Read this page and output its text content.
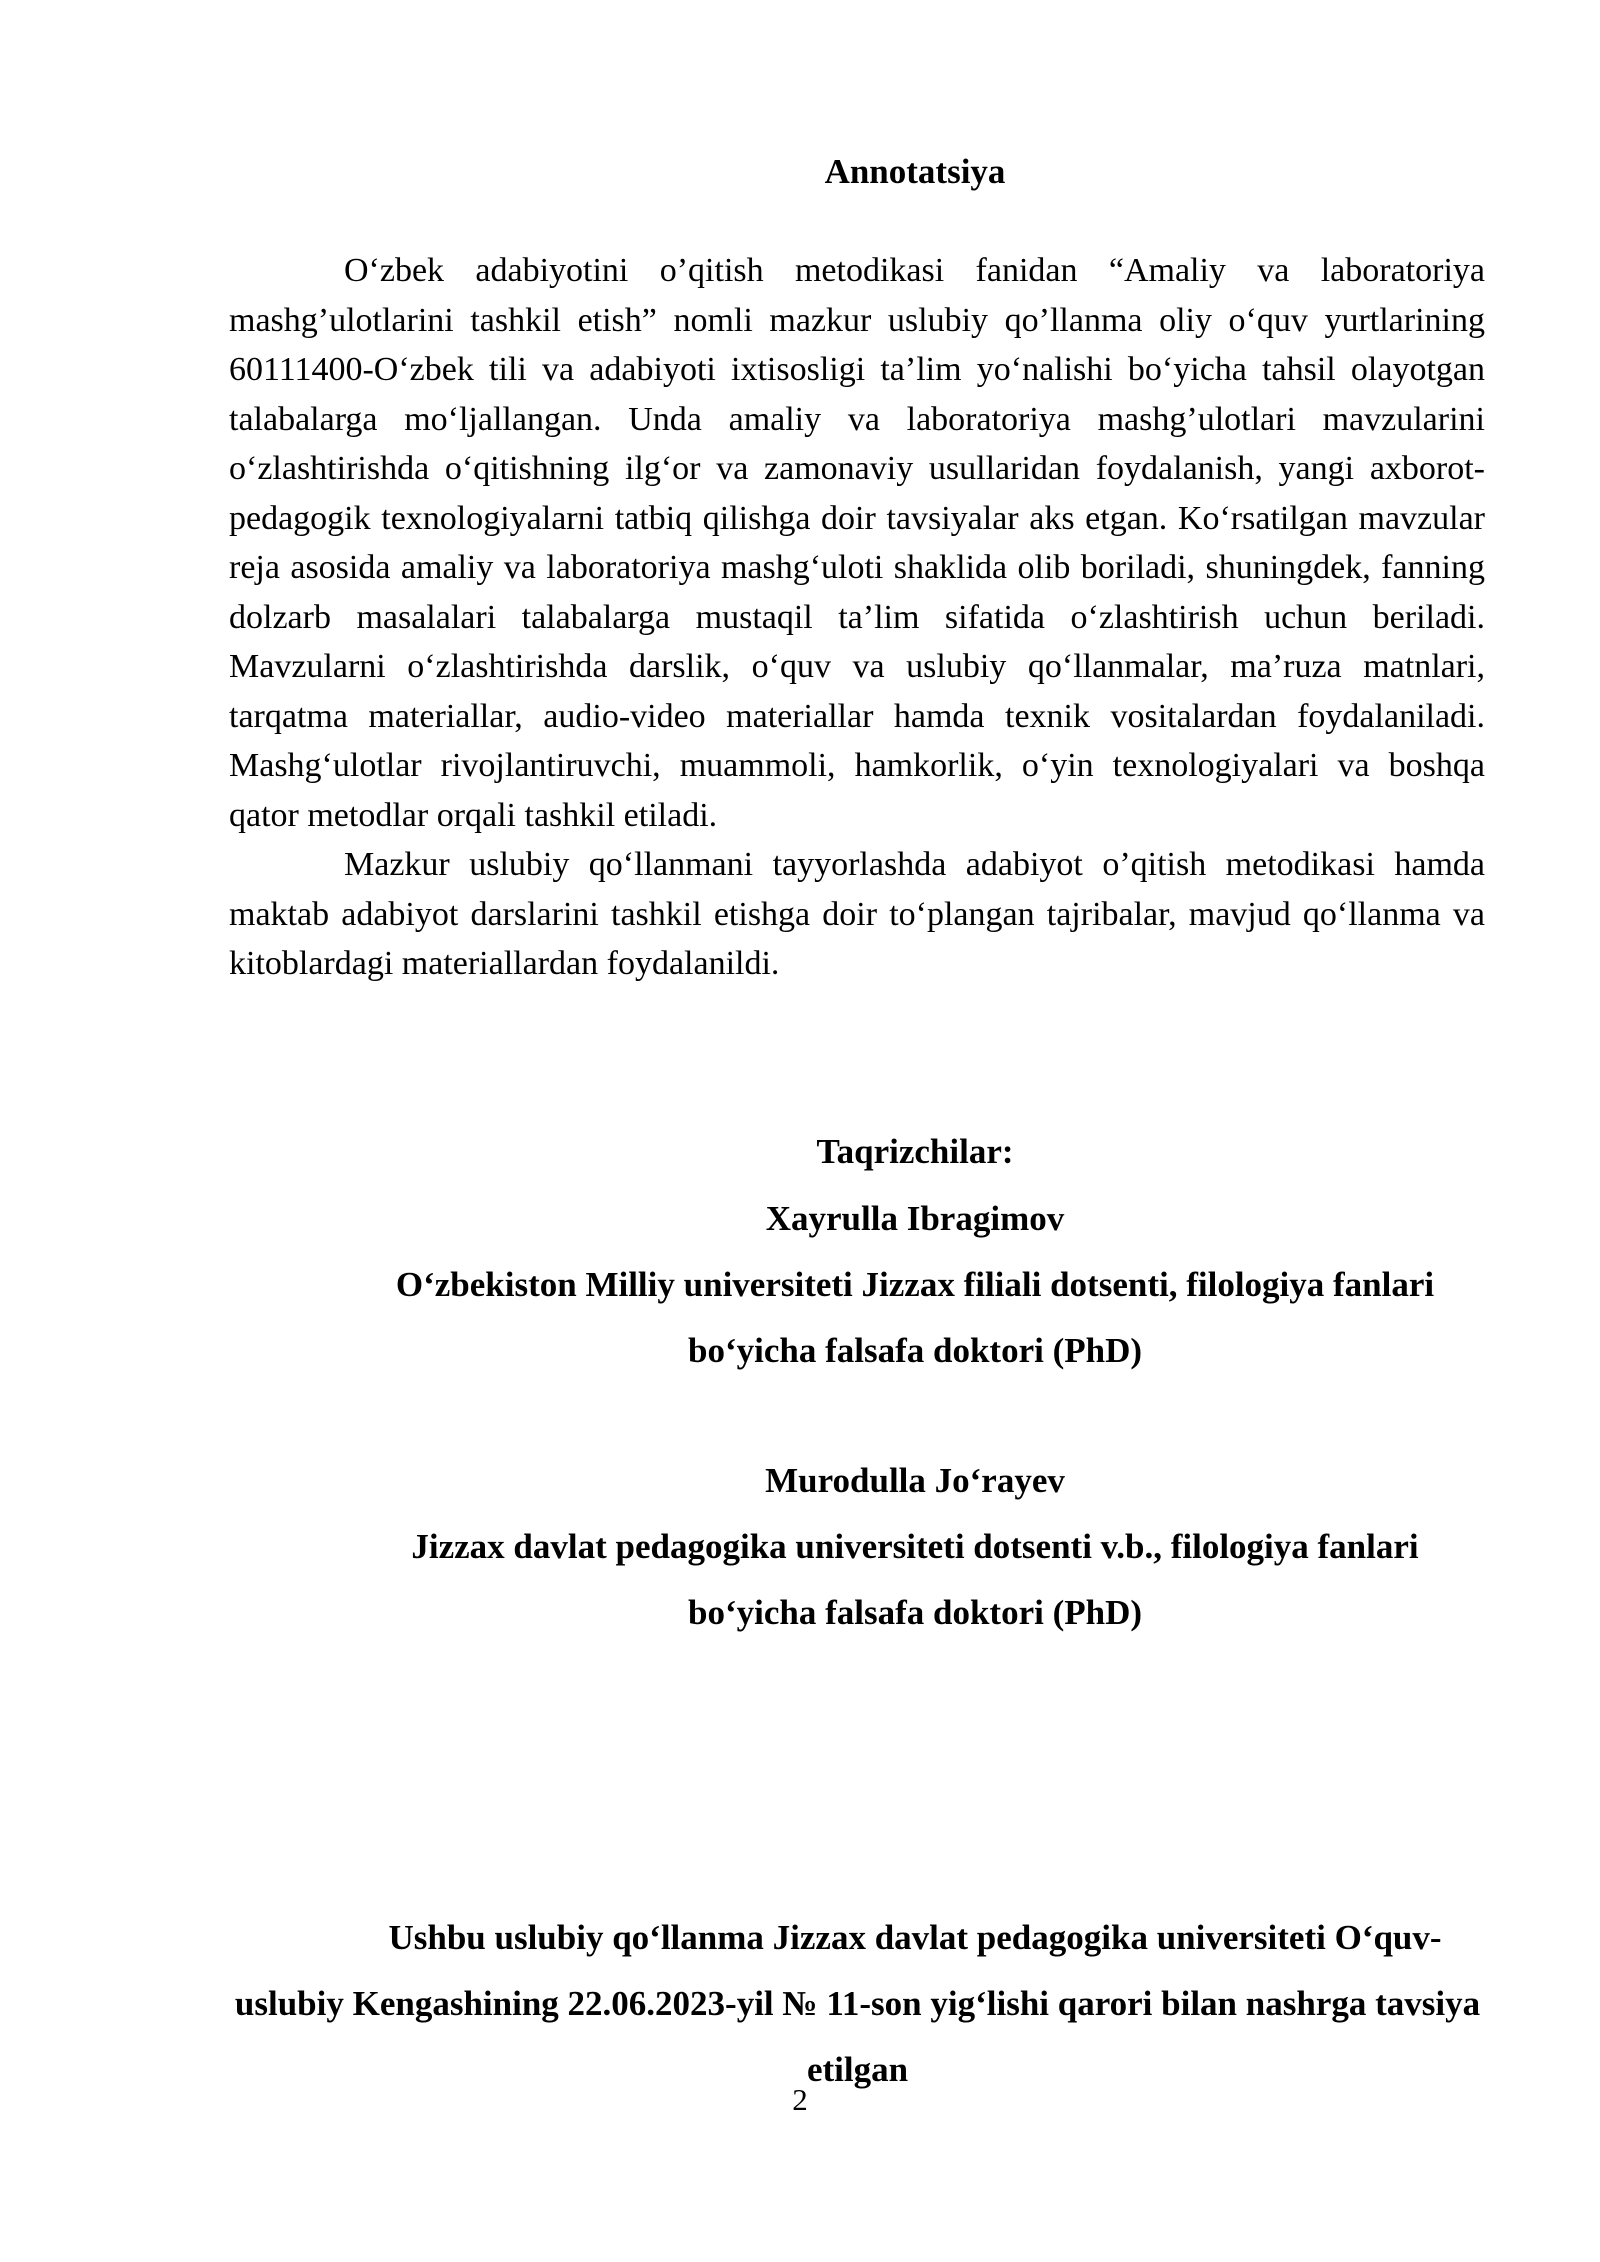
Annotatsiya

O‘zbek adabiyotini o’qitish metodikasi fanidan “Amaliy va laboratoriya mashg’ulotlarini tashkil etish” nomli mazkur uslubiy qo’llanma oliy o‘quv yurtlarining 60111400-O‘zbek tili va adabiyoti ixtisosligi ta’lim yo‘nalishi bo‘yicha tahsil olayotgan talabalarga mo‘ljallangan. Unda amaliy va laboratoriya mashg’ulotlari mavzularini o‘zlashtirishda o‘qitishning ilg‘or va zamonaviy usullaridan foydalanish, yangi axborot-pedagogik texnologiyalarni tatbiq qilishga doir tavsiyalar aks etgan. Ko‘rsatilgan mavzular reja asosida amaliy va laboratoriya mashg‘uloti shaklida olib boriladi, shuningdek, fanning dolzarb masalalari talabalarga mustaqil ta’lim sifatida o‘zlashtirish uchun beriladi. Mavzularni o‘zlashtirishda darslik, o‘quv va uslubiy qo‘llanmalar, ma’ruza matnlari, tarqatma materiallar, audio-video materiallar hamda texnik vositalardan foydalaniladi. Mashg‘ulotlar rivojlantiruvchi, muammoli, hamkorlik, o‘yin texnologiyalari va boshqa qator metodlar orqali tashkil etiladi.

Mazkur uslubiy qo‘llanmani tayyorlashda adabiyot o’qitish metodikasi hamda maktab adabiyot darslarini tashkil etishga doir to‘plangan tajribalar, mavjud qo‘llanma va kitoblardagi materiallardan foydalanildi.

Taqrizchilar:
Xayrulla Ibragimov
O‘zbekiston Milliy universiteti Jizzax filiali dotsenti, filologiya fanlari
bo‘yicha falsafa doktori (PhD)
Murodulla Jo‘rayev
Jizzax davlat pedagogika universiteti dotsenti v.b., filologiya fanlari
bo‘yicha falsafa doktori (PhD)
Ushbu uslubiy qo‘llanma Jizzax davlat pedagogika universiteti O‘quv-uslubiy Kengashining 22.06.2023-yil № 11-son yig‘lishi qarori bilan nashrga tavsiya etilgan
2
